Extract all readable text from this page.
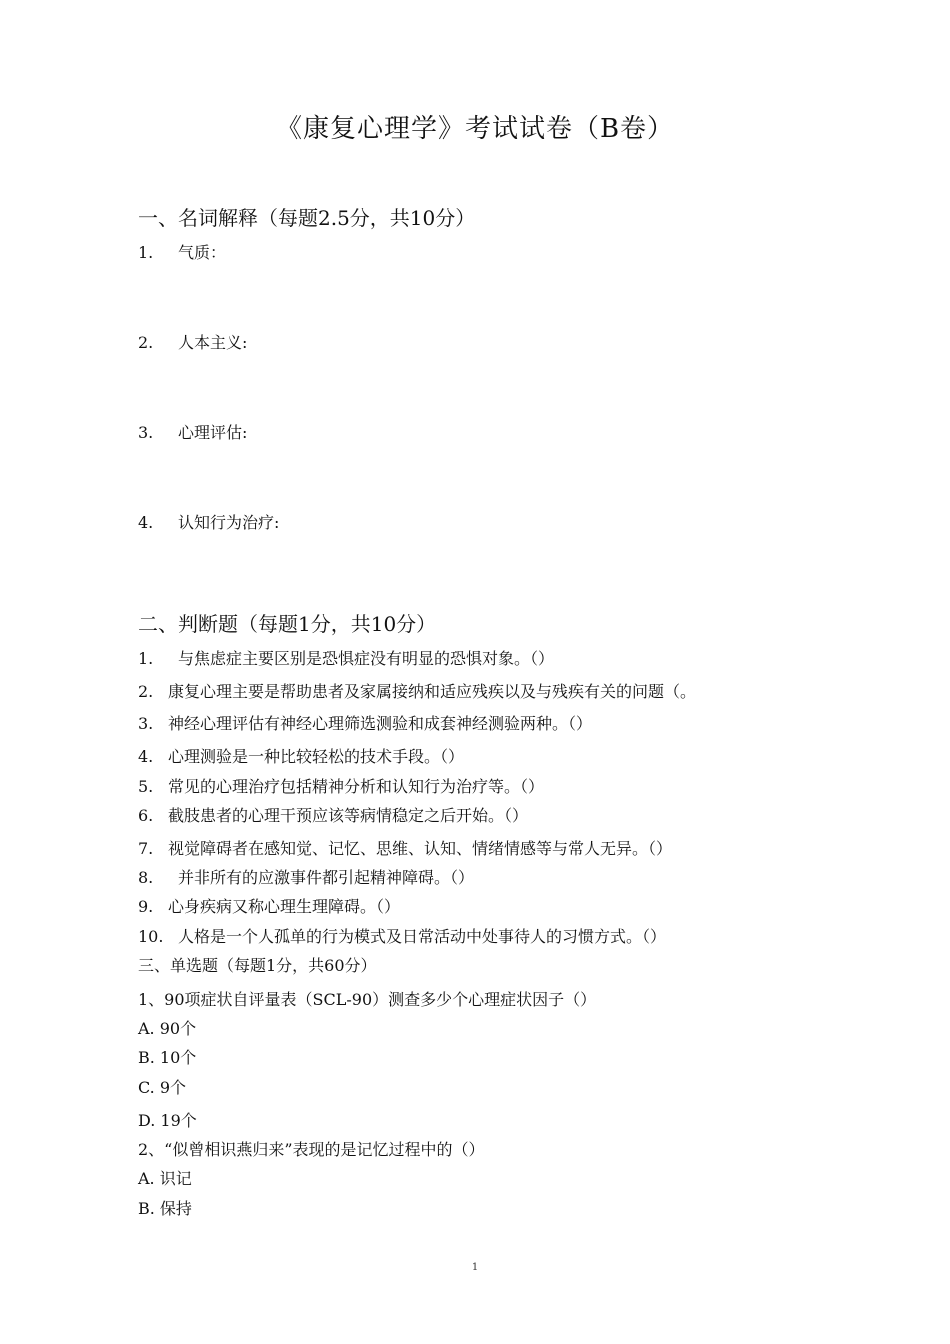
《康复心理学》考试试卷（B卷）
一、名词解释（每题2.5分，共10分）
1. 气质：
2. 人本主义:
3. 心理评估:
4. 认知行为治疗:
二、判断题（每题1分，共10分）
1. 与焦虑症主要区别是恐惧症没有明显的恐惧对象。（）
2. 康复心理主要是帮助患者及家属接纳和适应残疾以及与残疾有关的问题（。
3. 神经心理评估有神经心理筛选测验和成套神经测验两种。（）
4. 心理测验是一种比较轻松的技术手段。（）
5. 常见的心理治疗包括精神分析和认知行为治疗等。（）
6. 截肢患者的心理干预应该等病情稳定之后开始。（）
7. 视觉障碍者在感知觉、记忆、思维、认知、情绪情感等与常人无异。（）
8. 并非所有的应激事件都引起精神障碍。（）
9. 心身疾病又称心理生理障碍。（）
10. 人格是一个人孤单的行为模式及日常活动中处事待人的习惯方式。（）
三、单选题（每题1分，共60分）
1、90项症状自评量表（SCL-90）测查多少个心理症状因子（）
A. 90个
B. 10个
C. 9个
D. 19个
2、“似曾相识燕归来”表现的是记忆过程中的（）
A. 识记
B. 保持
1
